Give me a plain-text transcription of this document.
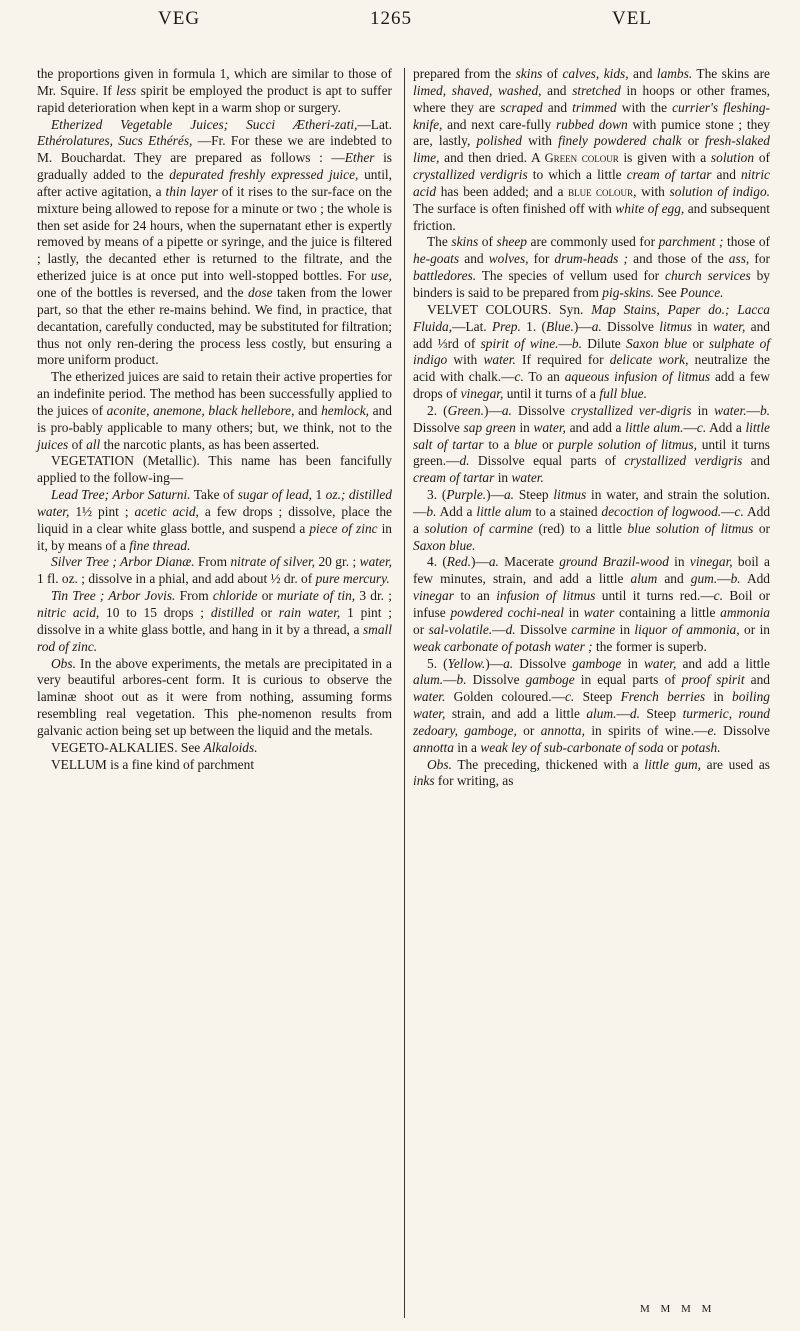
VEG	1265	VEL

the proportions given in formula 1, which are similar to those of Mr. Squire. If less spirit be employed the product is apt to suffer rapid deterioration when kept in a warm shop or surgery.

Etherized Vegetable Juices; Succi Ætheri-zati,—Lat. Ethérolatures, Sucs Ethérés, —Fr. For these we are indebted to M. Bouchardat. They are prepared as follows : —Ether is gradually added to the depurated freshly expressed juice, until, after active agitation, a thin layer of it rises to the sur-face on the mixture being allowed to repose for a minute or two ; the whole is then set aside for 24 hours, when the supernatant ether is expertly removed by means of a pipette or syringe, and the juice is filtered ; lastly, the decanted ether is returned to the filtrate, and the etherized juice is at once put into well-stopped bottles. For use, one of the bottles is reversed, and the dose taken from the lower part, so that the ether re-mains behind. We find, in practice, that decantation, carefully conducted, may be substituted for filtration; thus not only ren-dering the process less costly, but ensuring a more uniform product.

The etherized juices are said to retain their active properties for an indefinite period. The method has been successfully applied to the juices of aconite, anemone, black hellebore, and hemlock, and is pro-bably applicable to many others; but, we think, not to the juices of all the narcotic plants, as has been asserted.

VEGETATION (Metallic). This name has been fancifully applied to the follow-ing—

Lead Tree; Arbor Saturni. Take of sugar of lead, 1 oz.; distilled water, 1½ pint ; acetic acid, a few drops ; dissolve, place the liquid in a clear white glass bottle, and suspend a piece of zinc in it, by means of a fine thread.

Silver Tree ; Arbor Dianæ. From nitrate of silver, 20 gr. ; water, 1 fl. oz. ; dissolve in a phial, and add about ½ dr. of pure mercury.

Tin Tree ; Arbor Jovis. From chloride or muriate of tin, 3 dr. ; nitric acid, 10 to 15 drops ; distilled or rain water, 1 pint ; dissolve in a white glass bottle, and hang in it by a thread, a small rod of zinc.

Obs. In the above experiments, the metals are precipitated in a very beautiful arbores-cent form. It is curious to observe the laminæ shoot out as it were from nothing, assuming forms resembling real vegetation. This phe-nomenon results from galvanic action being set up between the liquid and the metals.

VEGETO-ALKALIES. See Alkaloids.

VELLUM is a fine kind of parchment

prepared from the skins of calves, kids, and lambs. The skins are limed, shaved, washed, and stretched in hoops or other frames, where they are scraped and trimmed with the currier's fleshing-knife, and next care-fully rubbed down with pumice stone ; they are, lastly, polished with finely powdered chalk or fresh-slaked lime, and then dried. A Green colour is given with a solution of crystallized verdigris to which a little cream of tartar and nitric acid has been added; and a blue colour, with solution of indigo. The surface is often finished off with white of egg, and subsequent friction.

The skins of sheep are commonly used for parchment ; those of he-goats and wolves, for drum-heads ; and those of the ass, for battledores. The species of vellum used for church services by binders is said to be prepared from pig-skins. See Pounce.

VELVET COLOURS. Syn. Map Stains, Paper do.; Lacca Fluida,—Lat. Prep. 1. (Blue.)—a. Dissolve litmus in water, and add ⅓rd of spirit of wine.—b. Dilute Saxon blue or sulphate of indigo with water. If required for delicate work, neutralize the acid with chalk.—c. To an aqueous infusion of litmus add a few drops of vinegar, until it turns of a full blue.

2. (Green.)—a. Dissolve crystallized ver-digris in water.—b. Dissolve sap green in water, and add a little alum.—c. Add a little salt of tartar to a blue or purple solution of litmus, until it turns green.—d. Dissolve equal parts of crystallized verdigris and cream of tartar in water.

3. (Purple.)—a. Steep litmus in water, and strain the solution.—b. Add a little alum to a stained decoction of logwood.—c. Add a solution of carmine (red) to a little blue solution of litmus or Saxon blue.

4. (Red.)—a. Macerate ground Brazil-wood in vinegar, boil a few minutes, strain, and add a little alum and gum.—b. Add vinegar to an infusion of litmus until it turns red.—c. Boil or infuse powdered cochi-neal in water containing a little ammonia or sal-volatile.—d. Dissolve carmine in liquor of ammonia, or in weak carbonate of potash water ; the former is superb.

5. (Yellow.)—a. Dissolve gamboge in water, and add a little alum.—b. Dissolve gamboge in equal parts of proof spirit and water. Golden coloured.—c. Steep French berries in boiling water, strain, and add a little alum.—d. Steep turmeric, round zedoary, gamboge, or annotta, in spirits of wine.—e. Dissolve annotta in a weak ley of sub-carbonate of soda or potash.

Obs. The preceding, thickened with a little gum, are used as inks for writing, as

M M M M
